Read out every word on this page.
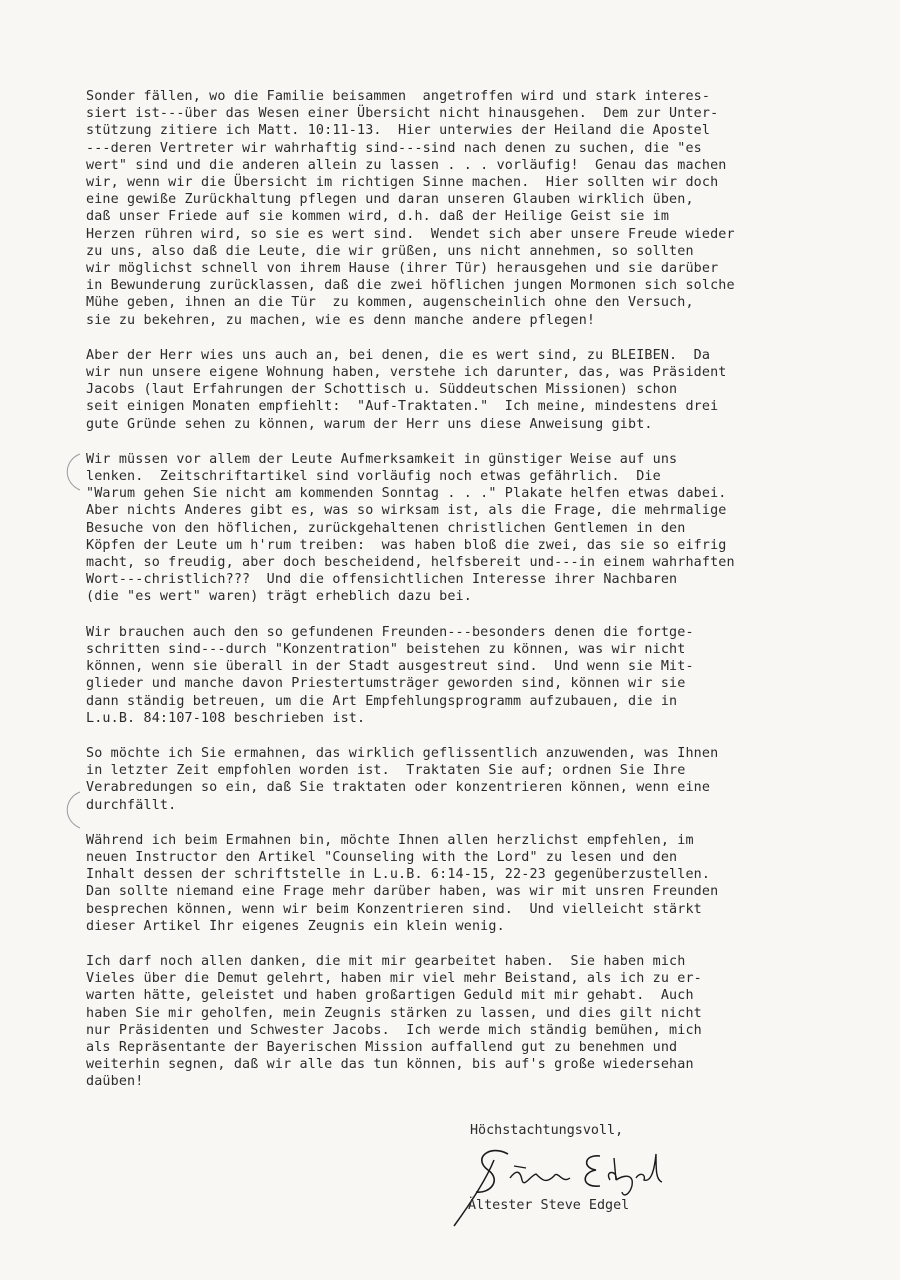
Sonder fällen, wo die Familie beisammen  angetroffen wird und stark interes-
siert ist---über das Wesen einer Übersicht nicht hinausgehen.  Dem zur Unter-
stützung zitiere ich Matt. 10:11-13.  Hier unterwies der Heiland die Apostel
---deren Vertreter wir wahrhaftig sind---sind nach denen zu suchen, die "es
wert" sind und die anderen allein zu lassen . . . vorläufig!  Genau das machen
wir, wenn wir die Übersicht im richtigen Sinne machen.  Hier sollten wir doch
eine gewiße Zurückhaltung pflegen und daran unseren Glauben wirklich üben,
daß unser Friede auf sie kommen wird, d.h. daß der Heilige Geist sie im
Herzen rühren wird, so sie es wert sind.  Wendet sich aber unsere Freude wieder
zu uns, also daß die Leute, die wir grüßen, uns nicht annehmen, so sollten
wir möglichst schnell von ihrem Hause (ihrer Tür) herausgehen und sie darüber
in Bewunderung zurücklassen, daß die zwei höflichen jungen Mormonen sich solche
Mühe geben, ihnen an die Tür  zu kommen, augenscheinlich ohne den Versuch,
sie zu bekehren, zu machen, wie es denn manche andere pflegen!
Aber der Herr wies uns auch an, bei denen, die es wert sind, zu BLEIBEN.  Da
wir nun unsere eigene Wohnung haben, verstehe ich darunter, das, was Präsident
Jacobs (laut Erfahrungen der Schottisch u. Süddeutschen Missionen) schon
seit einigen Monaten empfiehlt:  "Auf-Traktaten."  Ich meine, mindestens drei
gute Gründe sehen zu können, warum der Herr uns diese Anweisung gibt.
Wir müssen vor allem der Leute Aufmerksamkeit in günstiger Weise auf uns
lenken.  Zeitschriftartikel sind vorläufig noch etwas gefährlich.  Die
"Warum gehen Sie nicht am kommenden Sonntag . . ." Plakate helfen etwas dabei.
Aber nichts Anderes gibt es, was so wirksam ist, als die Frage, die mehrmalige
Besuche von den höflichen, zurückgehaltenen christlichen Gentlemen in den
Köpfen der Leute um h'rum treiben:  was haben bloß die zwei, das sie so eifrig
macht, so freudig, aber doch bescheidend, helfsbereit und---in einem wahrhaften
Wort---christlich???  Und die offensichtlichen Interesse ihrer Nachbaren
(die "es wert" waren) trägt erheblich dazu bei.
Wir brauchen auch den so gefundenen Freunden---besonders denen die fortge-
schritten sind---durch "Konzentration" beistehen zu können, was wir nicht
können, wenn sie überall in der Stadt ausgestreut sind.  Und wenn sie Mit-
glieder und manche davon Priestertumsträger geworden sind, können wir sie
dann ständig betreuen, um die Art Empfehlungsprogramm aufzubauen, die in
L.u.B. 84:107-108 beschrieben ist.
So möchte ich Sie ermahnen, das wirklich geflissentlich anzuwenden, was Ihnen
in letzter Zeit empfohlen worden ist.  Traktaten Sie auf; ordnen Sie Ihre
Verabredungen so ein, daß Sie traktaten oder konzentrieren können, wenn eine
durchfällt.
Während ich beim Ermahnen bin, möchte Ihnen allen herzlichst empfehlen, im
neuen Instructor den Artikel "Counseling with the Lord" zu lesen und den
Inhalt dessen der schriftstelle in L.u.B. 6:14-15, 22-23 gegenüberzustellen.
Dan sollte niemand eine Frage mehr darüber haben, was wir mit unsren Freunden
besprechen können, wenn wir beim Konzentrieren sind.  Und vielleicht stärkt
dieser Artikel Ihr eigenes Zeugnis ein klein wenig.
Ich darf noch allen danken, die mit mir gearbeitet haben.  Sie haben mich
Vieles über die Demut gelehrt, haben mir viel mehr Beistand, als ich zu er-
warten hätte, geleistet und haben großartigen Geduld mit mir gehabt.  Auch
haben Sie mir geholfen, mein Zeugnis stärken zu lassen, und dies gilt nicht
nur Präsidenten und Schwester Jacobs.  Ich werde mich ständig bemühen, mich
als Repräsentante der Bayerischen Mission auffallend gut zu benehmen und
weiterhin segnen, daß wir alle das tun können, bis auf's große wiedersehan
daüben!
Höchstachtungsvoll,
Ältester Steve Edgel
